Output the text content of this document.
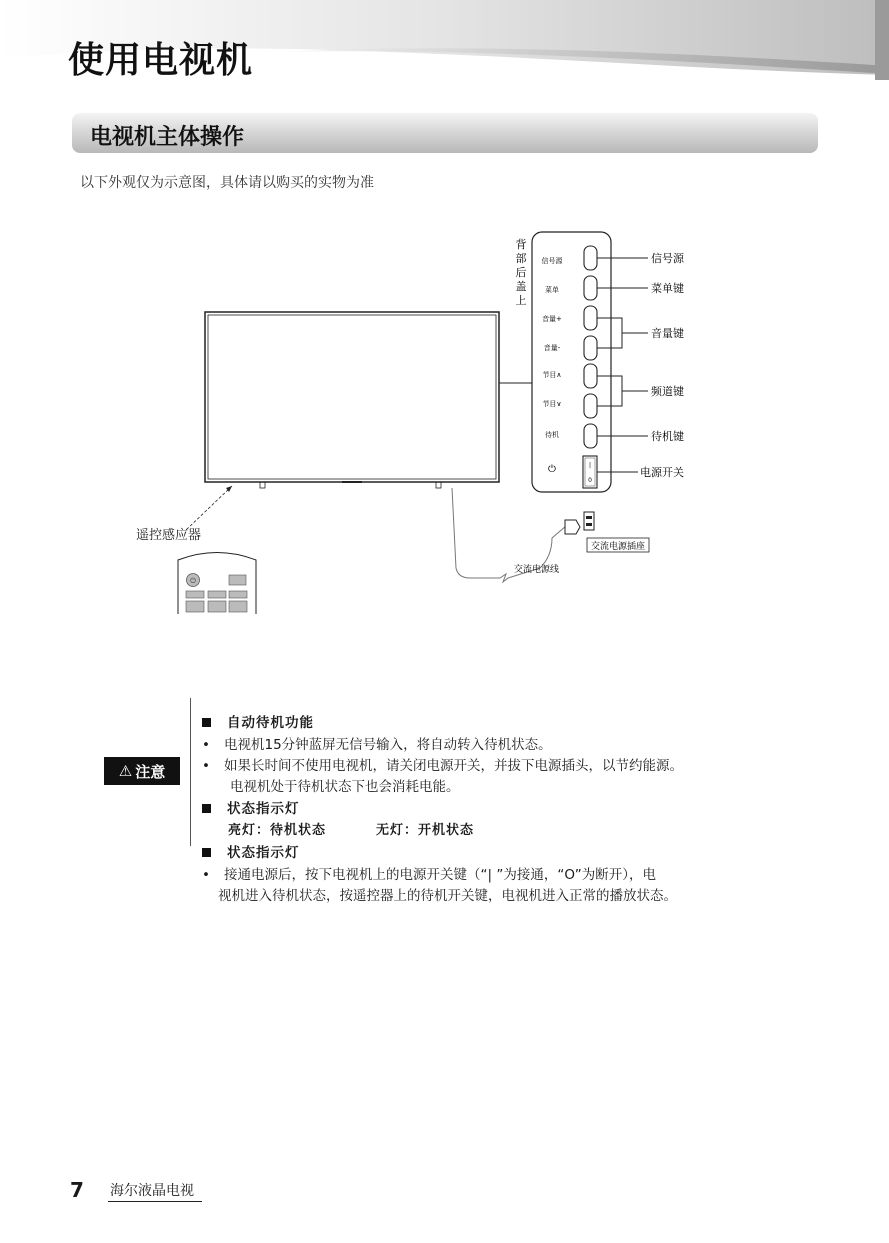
使用电视机
电视机主体操作
以下外观仅为示意图，具体请以购买的实物为准
背
部
后
盖
上
信号源
菜单
音量+
音量-
节目∧
节目∨
待机
⏻	|
0
信号源
菜单键
音量键
频道键
待机键
电源开关
遥控感应器
⏻
交流电源插座
交流电源线
⚠ 注意
自动待机功能
• 电视机15分钟蓝屏无信号输入，将自动转入待机状态。
• 如果长时间不使用电视机，请关闭电源开关，并拔下电源插头，以节约能源。
电视机处于待机状态下也会消耗电能。
状态指示灯
亮灯：待机状态	无灯：开机状态
状态指示灯
• 接通电源后，按下电视机上的电源开关键（“| ”为接通，“O”为断开），电
视机进入待机状态，按遥控器上的待机开关键，电视机进入正常的播放状态。
7 海尔液晶电视
